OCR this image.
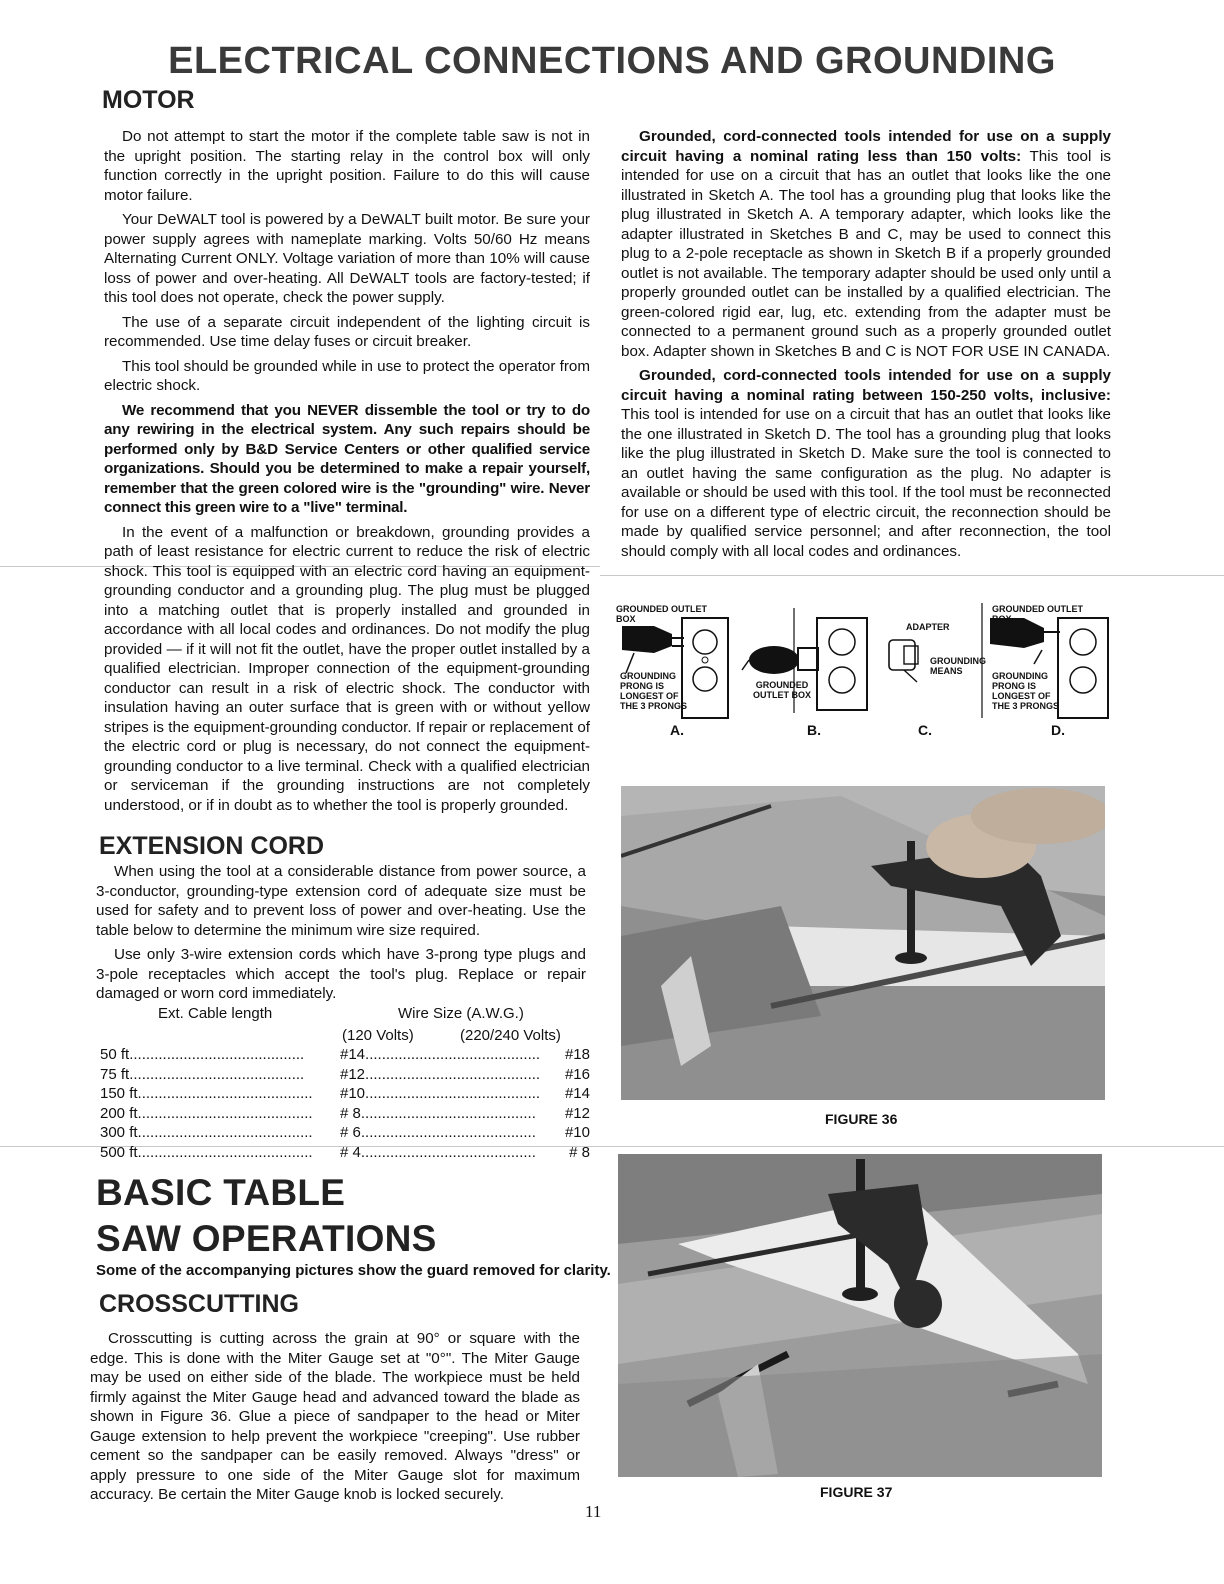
ELECTRICAL CONNECTIONS AND GROUNDING
MOTOR

Do not attempt to start the motor if the complete table saw is not in the upright position. The starting relay in the control box will only function correctly in the upright position. Failure to do this will cause motor failure.

Your DeWALT tool is powered by a DeWALT built motor. Be sure your power supply agrees with nameplate marking. Volts 50/60 Hz means Alternating Current ONLY. Voltage variation of more than 10% will cause loss of power and over-heating. All DeWALT tools are factory-tested; if this tool does not operate, check the power supply.

The use of a separate circuit independent of the lighting circuit is recommended. Use time delay fuses or circuit breaker.

This tool should be grounded while in use to protect the operator from electric shock.

We recommend that you NEVER dissemble the tool or try to do any rewiring in the electrical system. Any such repairs should be performed only by B&D Service Centers or other qualified service organizations. Should you be determined to make a repair yourself, remember that the green colored wire is the "grounding" wire. Never connect this green wire to a "live" terminal.

In the event of a malfunction or breakdown, grounding provides a path of least resistance for electric current to reduce the risk of electric shock. This tool is equipped with an electric cord having an equipment-grounding conductor and a grounding plug. The plug must be plugged into a matching outlet that is properly installed and grounded in accordance with all local codes and ordinances. Do not modify the plug provided — if it will not fit the outlet, have the proper outlet installed by a qualified electrician. Improper connection of the equipment-grounding conductor can result in a risk of electric shock. The conductor with insulation having an outer surface that is green with or without yellow stripes is the equipment-grounding conductor. If repair or replacement of the electric cord or plug is necessary, do not connect the equipment-grounding conductor to a live terminal. Check with a qualified electrician or serviceman if the grounding instructions are not completely understood, or if in doubt as to whether the tool is properly grounded.

EXTENSION CORD

When using the tool at a considerable distance from power source, a 3-conductor, grounding-type extension cord of adequate size must be used for safety and to prevent loss of power and over-heating. Use the table below to determine the minimum wire size required.

Use only 3-wire extension cords which have 3-prong type plugs and 3-pole receptacles which accept the tool's plug. Replace or repair damaged or worn cord immediately.

Ext. Cable length	Wire Size (A.W.G.)
(120 Volts)	(220/240 Volts)
50 ft..........................................	#14..........................................	#18
75 ft..........................................	#12..........................................	#16
150 ft..........................................	#10..........................................	#14
200 ft..........................................	# 8..........................................	#12
300 ft..........................................	# 6..........................................	#10
500 ft..........................................	# 4..........................................	# 8
BASIC TABLE
SAW OPERATIONS

Some of the accompanying pictures show the guard removed for clarity.

CROSSCUTTING

Crosscutting is cutting across the grain at 90° or square with the edge. This is done with the Miter Gauge set at "0°". The Miter Gauge may be used on either side of the blade. The workpiece must be held firmly against the Miter Gauge head and advanced toward the blade as shown in Figure 36. Glue a piece of sandpaper to the head or Miter Gauge extension to help prevent the workpiece "creeping". Use rubber cement so the sandpaper can be easily removed. Always "dress" or apply pressure to one side of the Miter Gauge slot for maximum accuracy. Be certain the Miter Gauge knob is locked securely.

Grounded, cord-connected tools intended for use on a supply circuit having a nominal rating less than 150 volts: This tool is intended for use on a circuit that has an outlet that looks like the one illustrated in Sketch A. The tool has a grounding plug that looks like the plug illustrated in Sketch A. A temporary adapter, which looks like the adapter illustrated in Sketches B and C, may be used to connect this plug to a 2-pole receptacle as shown in Sketch B if a properly grounded outlet is not available. The temporary adapter should be used only until a properly grounded outlet can be installed by a qualified electrician. The green-colored rigid ear, lug, etc. extending from the adapter must be connected to a permanent ground such as a properly grounded outlet box. Adapter shown in Sketches B and C is NOT FOR USE IN CANADA.

Grounded, cord-connected tools intended for use on a supply circuit having a nominal rating between 150-250 volts, inclusive: This tool is intended for use on a circuit that has an outlet that looks like the one illustrated in Sketch D. The tool has a grounding plug that looks like the plug illustrated in Sketch D. Make sure the tool is connected to an outlet having the same configuration as the plug. No adapter is available or should be used with this tool. If the tool must be reconnected for use on a different type of electric circuit, the reconnection should be made by qualified service personnel; and after reconnection, the tool should comply with all local codes and ordinances.

GROUNDED OUTLET BOX
GROUNDING PRONG IS LONGEST OF THE 3 PRONGS
GROUNDED OUTLET BOX
ADAPTER
GROUNDING MEANS
GROUNDED OUTLET BOX
GROUNDING PRONG IS LONGEST OF THE 3 PRONGS
A.	B.	C.	D.
FIGURE 36
FIGURE 37
11
